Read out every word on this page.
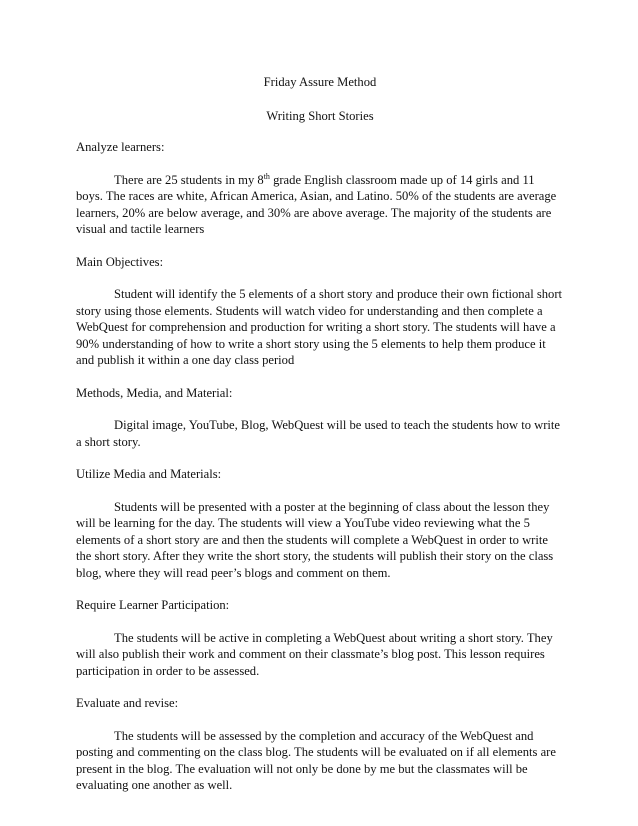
Friday Assure Method

Writing Short Stories

Analyze learners:

There are 25 students in my 8th grade English classroom made up of 14 girls and 11 boys. The races are white, African America, Asian, and Latino. 50% of the students are average learners, 20% are below average, and 30% are above average. The majority of the students are visual and tactile learners

Main Objectives:

Student will identify the 5 elements of a short story and produce their own fictional short story using those elements. Students will watch video for understanding and then complete a WebQuest for comprehension and production for writing a short story. The students will have a 90% understanding of how to write a short story using the 5 elements to help them produce it and publish it within a one day class period

Methods, Media, and Material:

Digital image, YouTube, Blog, WebQuest will be used to teach the students how to write a short story.

Utilize Media and Materials:

Students will be presented with a poster at the beginning of class about the lesson they will be learning for the day. The students will view a YouTube video reviewing what the 5 elements of a short story are and then the students will complete a WebQuest in order to write the short story. After they write the short story, the students will publish their story on the class blog, where they will read peer’s blogs and comment on them.

Require Learner Participation:

The students will be active in completing a WebQuest about writing a short story. They will also publish their work and comment on their classmate’s blog post. This lesson requires participation in order to be assessed.

Evaluate and revise:

The students will be assessed by the completion and accuracy of the WebQuest and posting and commenting on the class blog. The students will be evaluated on if all elements are present in the blog. The evaluation will not only be done by me but the classmates will be evaluating one another as well.
